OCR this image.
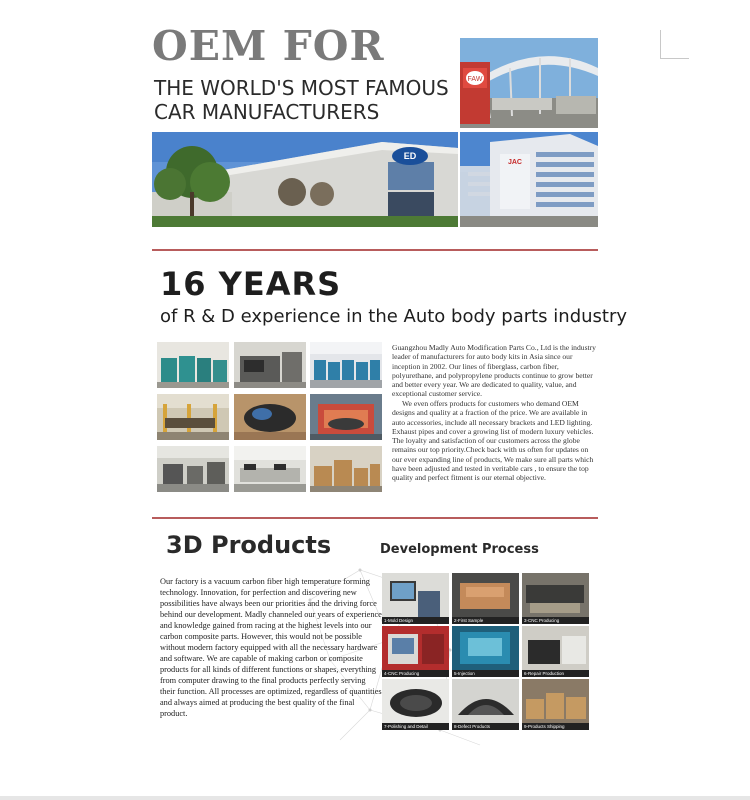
OEM FOR
THE WORLD'S MOST FAMOUS
CAR MANUFACTURERS
FAW
ED
JAC
16 YEARS
of R & D experience in the Auto body parts industry
Guangzhou Madly Auto Modification Parts Co., Ltd is the industry leader of manufacturers for auto body kits in Asia since our inception in 2002. Our lines of fiberglass, carbon fiber, polyurethane, and polypropylene products continue to grow better and better every year. We are dedicated to quality, value, and exceptional customer service.
We even offers products for customers who demand OEM designs and quality at a fraction of the price. We are available in auto accessories, include all necessary brackets and LED lighting. Exhaust pipes and cover a growing list of modern luxury vehicles. The loyalty and satisfaction of our customers across the globe remains our top priority.Check back with us often for updates on our ever expanding line of products, We make sure all parts which have been adjusted and tested in veritable cars , to ensure the top quality and perfect fitment is our eternal objective.
3D Products	Development Process
Our factory is a vacuum carbon fiber high temperature forming technology. Innovation, for perfection and discovering new possibilities have always been our priorities and the driving force behind our development. Madly channeled our years of experience and knowledge gained from racing at the highest levels into our carbon composite parts. However, this would not be possible without modern factory equipped with all the necessary hardware and software. We are capable of making carbon or composite products for all kinds of different functions or shapes, everything from computer drawing to the final products perfectly serving their function. All processes are optimized, regardless of quantities and always aimed at producing the best quality of the final product.
1-Mold Design	2-First Sample	3-CNC Producing
4-CNC Producing	5-Injection	6-Repair Production
7-Polishing and Detail	8-Defect Products	9-Products Shipping
